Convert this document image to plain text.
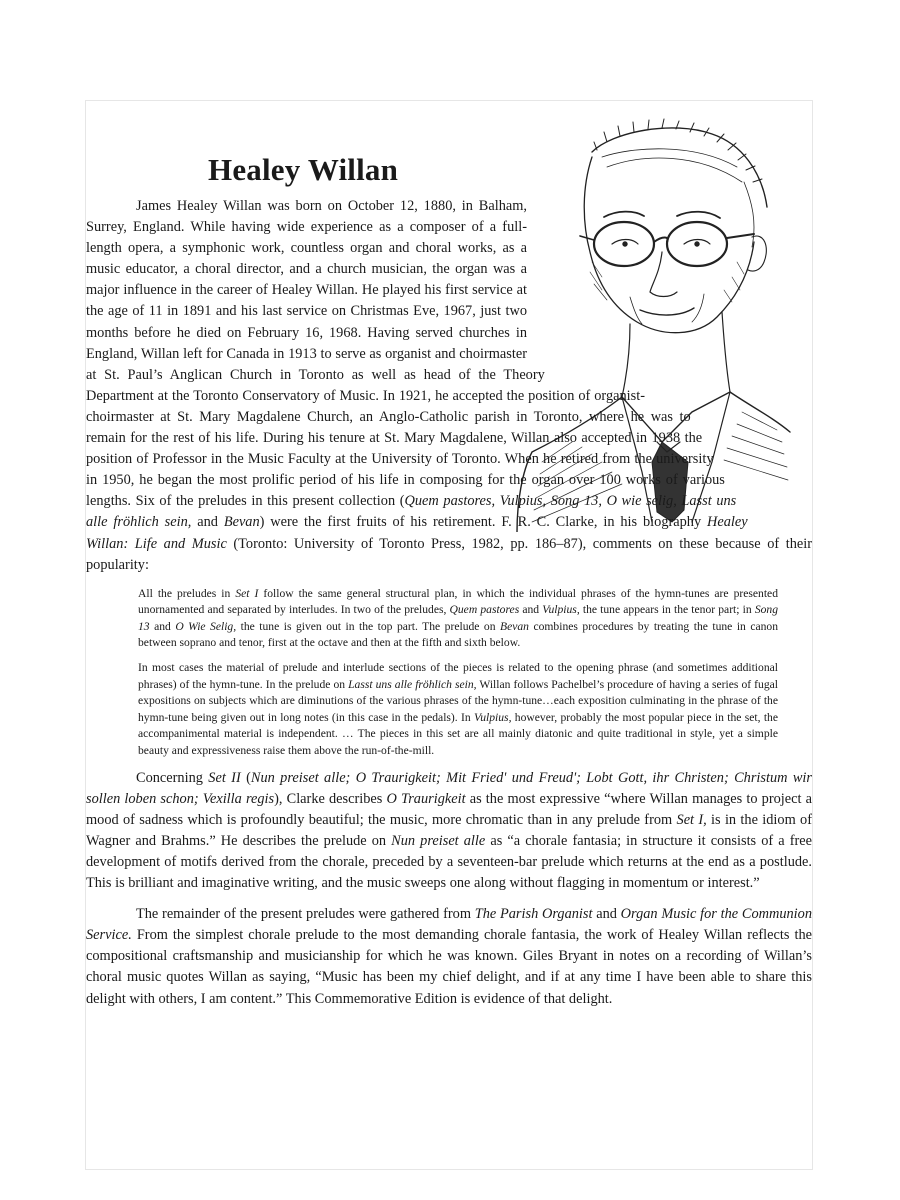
Healey Willan

James Healey Willan was born on October 12, 1880, in Balham, Surrey, England. While having wide experience as a composer of a full-length opera, a symphonic work, countless organ and choral works, as a music educator, a choral director, and a church musician, the organ was a major influence in the career of Healey Willan. He played his first service at the age of 11 in 1891 and his last service on Christmas Eve, 1967, just two months before he died on February 16, 1968. Having served churches in England, Willan left for Canada in 1913 to serve as organist and choirmaster at St. Paul’s Anglican Church in Toronto as well as head of the Theory Department at the Toronto Conservatory of Music. In 1921, he accepted the position of organist-choirmaster at St. Mary Magdalene Church, an Anglo-Catholic parish in Toronto, where he was to remain for the rest of his life. During his tenure at St. Mary Magdalene, Willan also accepted in 1938 the position of Professor in the Music Faculty at the University of Toronto. When he retired from the university in 1950, he began the most prolific period of his life in composing for the organ over 100 works of various lengths. Six of the preludes in this present collection (Quem pastores, Vulpius, Song 13, O wie selig, Lasst uns alle fröhlich sein, and Bevan) were the first fruits of his retirement. F. R. C. Clarke, in his biography Healey Willan: Life and Music (Toronto: University of Toronto Press, 1982, pp. 186–87), comments on these because of their popularity:

All the preludes in Set I follow the same general structural plan, in which the individual phrases of the hymn-tunes are presented unornamented and separated by interludes. In two of the preludes, Quem pastores and Vulpius, the tune appears in the tenor part; in Song 13 and O Wie Selig, the tune is given out in the top part. The prelude on Bevan combines procedures by treating the tune in canon between soprano and tenor, first at the octave and then at the fifth and sixth below.

In most cases the material of prelude and interlude sections of the pieces is related to the opening phrase (and sometimes additional phrases) of the hymn-tune. In the prelude on Lasst uns alle fröhlich sein, Willan follows Pachelbel’s procedure of having a series of fugal expositions on subjects which are diminutions of the various phrases of the hymn-tune…each exposition culminating in the phrase of the hymn-tune being given out in long notes (in this case in the pedals). In Vulpius, however, probably the most popular piece in the set, the accompanimental material is independent. … The pieces in this set are all mainly diatonic and quite traditional in style, yet a simple beauty and expressiveness raise them above the run-of-the-mill.

Concerning Set II (Nun preiset alle; O Traurigkeit; Mit Fried' und Freud'; Lobt Gott, ihr Christen; Christum wir sollen loben schon; Vexilla regis), Clarke describes O Traurigkeit as the most expressive “where Willan manages to project a mood of sadness which is profoundly beautiful; the music, more chromatic than in any prelude from Set I, is in the idiom of Wagner and Brahms.” He describes the prelude on Nun preiset alle as “a chorale fantasia; in structure it consists of a free development of motifs derived from the chorale, preceded by a seventeen-bar prelude which returns at the end as a postlude. This is brilliant and imaginative writing, and the music sweeps one along without flagging in momentum or interest.”

The remainder of the present preludes were gathered from The Parish Organist and Organ Music for the Communion Service. From the simplest chorale prelude to the most demanding chorale fantasia, the work of Healey Willan reflects the compositional craftsmanship and musicianship for which he was known. Giles Bryant in notes on a recording of Willan’s choral music quotes Willan as saying, “Music has been my chief delight, and if at any time I have been able to share this delight with others, I am content.” This Commemorative Edition is evidence of that delight.
